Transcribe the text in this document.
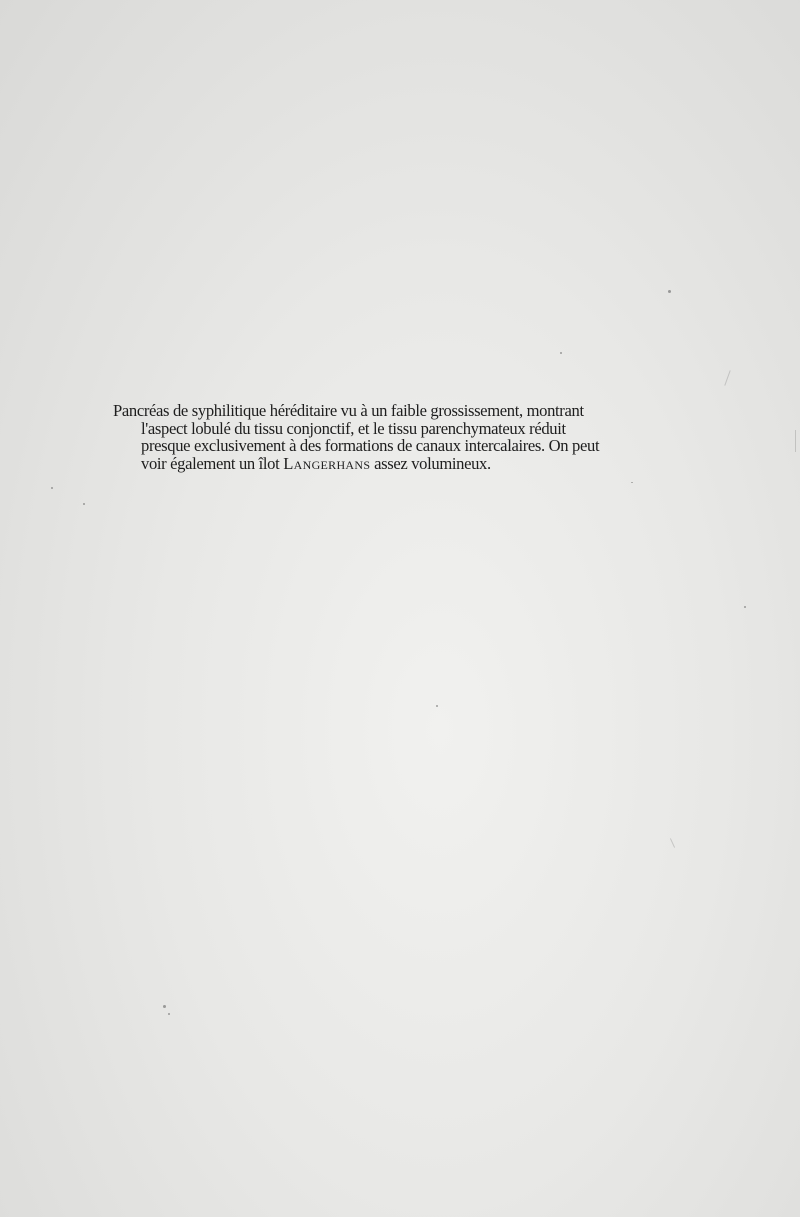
Pancréas de syphilitique héréditaire vu à un faible grossissement, montrant
l'aspect lobulé du tissu conjonctif, et le tissu parenchymateux réduit
presque exclusivement à des formations de canaux intercalaires. On peut
voir également un îlot Langerhans assez volumineux.
